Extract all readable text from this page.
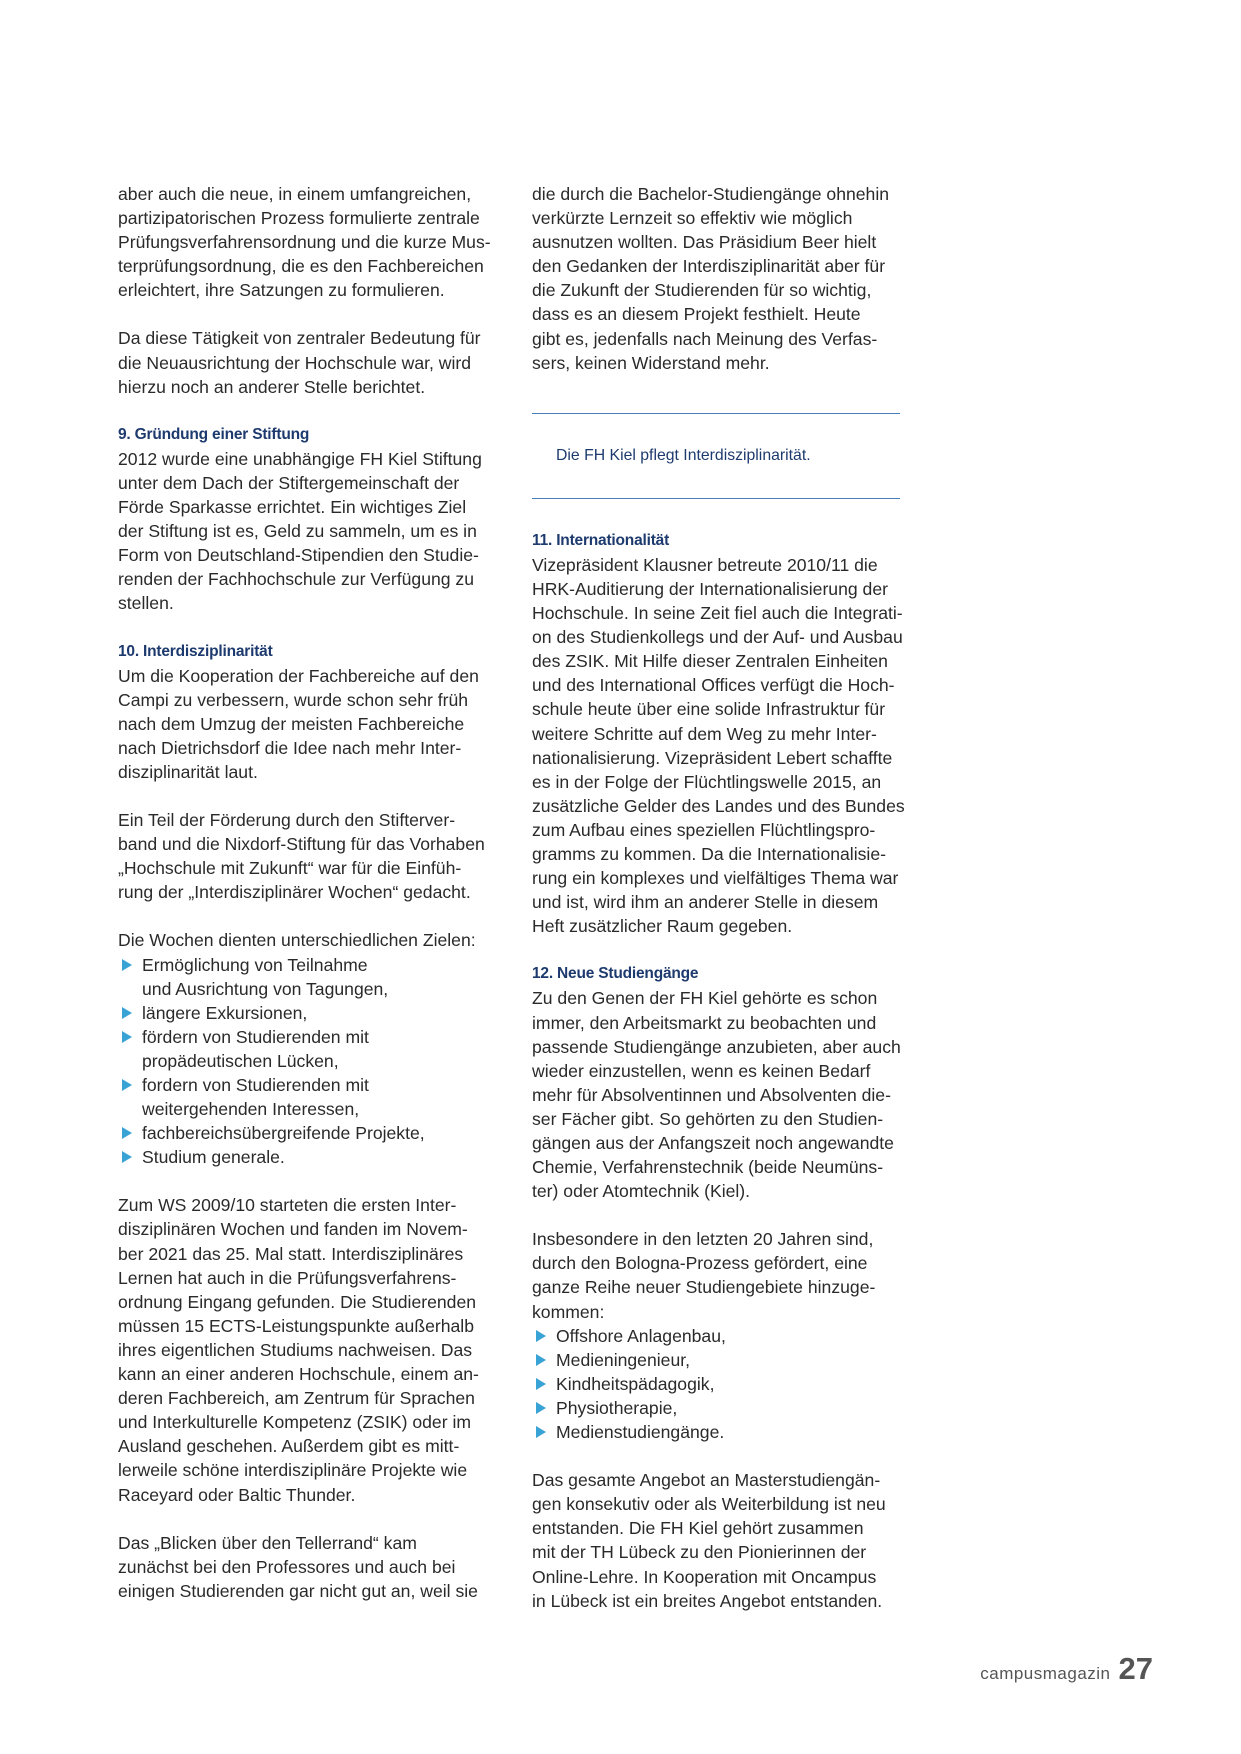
aber auch die neue, in einem umfangreichen,
partizipatorischen Prozess formulierte zentrale
Prüfungsverfahrensordnung und die kurze Mus-
terprüfungsordnung, die es den Fachbereichen
erleichtert, ihre Satzungen zu formulieren.
Da diese Tätigkeit von zentraler Bedeutung für
die Neuausrichtung der Hochschule war, wird
hierzu noch an anderer Stelle berichtet.
9. Gründung einer Stiftung
2012 wurde eine unabhängige FH Kiel Stiftung
unter dem Dach der Stiftergemeinschaft der
Förde Sparkasse errichtet. Ein wichtiges Ziel
der Stiftung ist es, Geld zu sammeln, um es in
Form von Deutschland-Stipendien den Studie-
renden der Fachhochschule zur Verfügung zu
stellen.
10. Interdisziplinarität
Um die Kooperation der Fachbereiche auf den
Campi zu verbessern, wurde schon sehr früh
nach dem Umzug der meisten Fachbereiche
nach Dietrichsdorf die Idee nach mehr Inter-
disziplinarität laut.
Ein Teil der Förderung durch den Stifterver-
band und die Nixdorf-Stiftung für das Vorhaben
„Hochschule mit Zukunft“ war für die Einfüh-
rung der „Interdisziplinärer Wochen“ gedacht.
Die Wochen dienten unterschiedlichen Zielen:
Ermöglichung von Teilnahme
und Ausrichtung von Tagungen,
längere Exkursionen,
fördern von Studierenden mit
propädeutischen Lücken,
fordern von Studierenden mit
weitergehenden Interessen,
fachbereichsübergreifende Projekte,
Studium generale.
Zum WS 2009/10 starteten die ersten Inter-
disziplinären Wochen und fanden im Novem-
ber 2021 das 25. Mal statt. Interdisziplinäres
Lernen hat auch in die Prüfungsverfahrens-
ordnung Eingang gefunden. Die Studierenden
müssen 15 ECTS-Leistungspunkte außerhalb
ihres eigentlichen Studiums nachweisen. Das
kann an einer anderen Hochschule, einem an-
deren Fachbereich, am Zentrum für Sprachen
und Interkulturelle Kompetenz (ZSIK) oder im
Ausland geschehen. Außerdem gibt es mitt-
lerweile schöne interdisziplinäre Projekte wie
Raceyard oder Baltic Thunder.
Das „Blicken über den Tellerrand“ kam
zunächst bei den Professores und auch bei
einigen Studierenden gar nicht gut an, weil sie
die durch die Bachelor-Studiengänge ohnehin
verkürzte Lernzeit so effektiv wie möglich
ausnutzen wollten. Das Präsidium Beer hielt
den Gedanken der Interdisziplinarität aber für
die Zukunft der Studierenden für so wichtig,
dass es an diesem Projekt festhielt. Heute
gibt es, jedenfalls nach Meinung des Verfas-
sers, keinen Widerstand mehr.
Die FH Kiel pflegt Interdisziplinarität.
11. Internationalität
Vizepräsident Klausner betreute 2010/11 die
HRK-Auditierung der Internationalisierung der
Hochschule. In seine Zeit fiel auch die Integrati-
on des Studienkollegs und der Auf- und Ausbau
des ZSIK. Mit Hilfe dieser Zentralen Einheiten
und des International Offices verfügt die Hoch-
schule heute über eine solide Infrastruktur für
weitere Schritte auf dem Weg zu mehr Inter-
nationalisierung. Vizepräsident Lebert schaffte
es in der Folge der Flüchtlingswelle 2015, an
zusätzliche Gelder des Landes und des Bundes
zum Aufbau eines speziellen Flüchtlingspro-
gramms zu kommen. Da die Internationalisie-
rung ein komplexes und vielfältiges Thema war
und ist, wird ihm an anderer Stelle in diesem
Heft zusätzlicher Raum gegeben.
12. Neue Studiengänge
Zu den Genen der FH Kiel gehörte es schon
immer, den Arbeitsmarkt zu beobachten und
passende Studiengänge anzubieten, aber auch
wieder einzustellen, wenn es keinen Bedarf
mehr für Absolventinnen und Absolventen die-
ser Fächer gibt. So gehörten zu den Studien-
gängen aus der Anfangszeit noch angewandte
Chemie, Verfahrenstechnik (beide Neumüns-
ter) oder Atomtechnik (Kiel).
Insbesondere in den letzten 20 Jahren sind,
durch den Bologna-Prozess gefördert, eine
ganze Reihe neuer Studiengebiete hinzuge-
kommen:
Offshore Anlagenbau,
Medieningenieur,
Kindheitspädagogik,
Physiotherapie,
Medienstudiengänge.
Das gesamte Angebot an Masterstudiengän-
gen konsekutiv oder als Weiterbildung ist neu
entstanden. Die FH Kiel gehört zusammen
mit der TH Lübeck zu den Pionierinnen der
Online-Lehre. In Kooperation mit Oncampus
in Lübeck ist ein breites Angebot entstanden.
campusmagazin 27
